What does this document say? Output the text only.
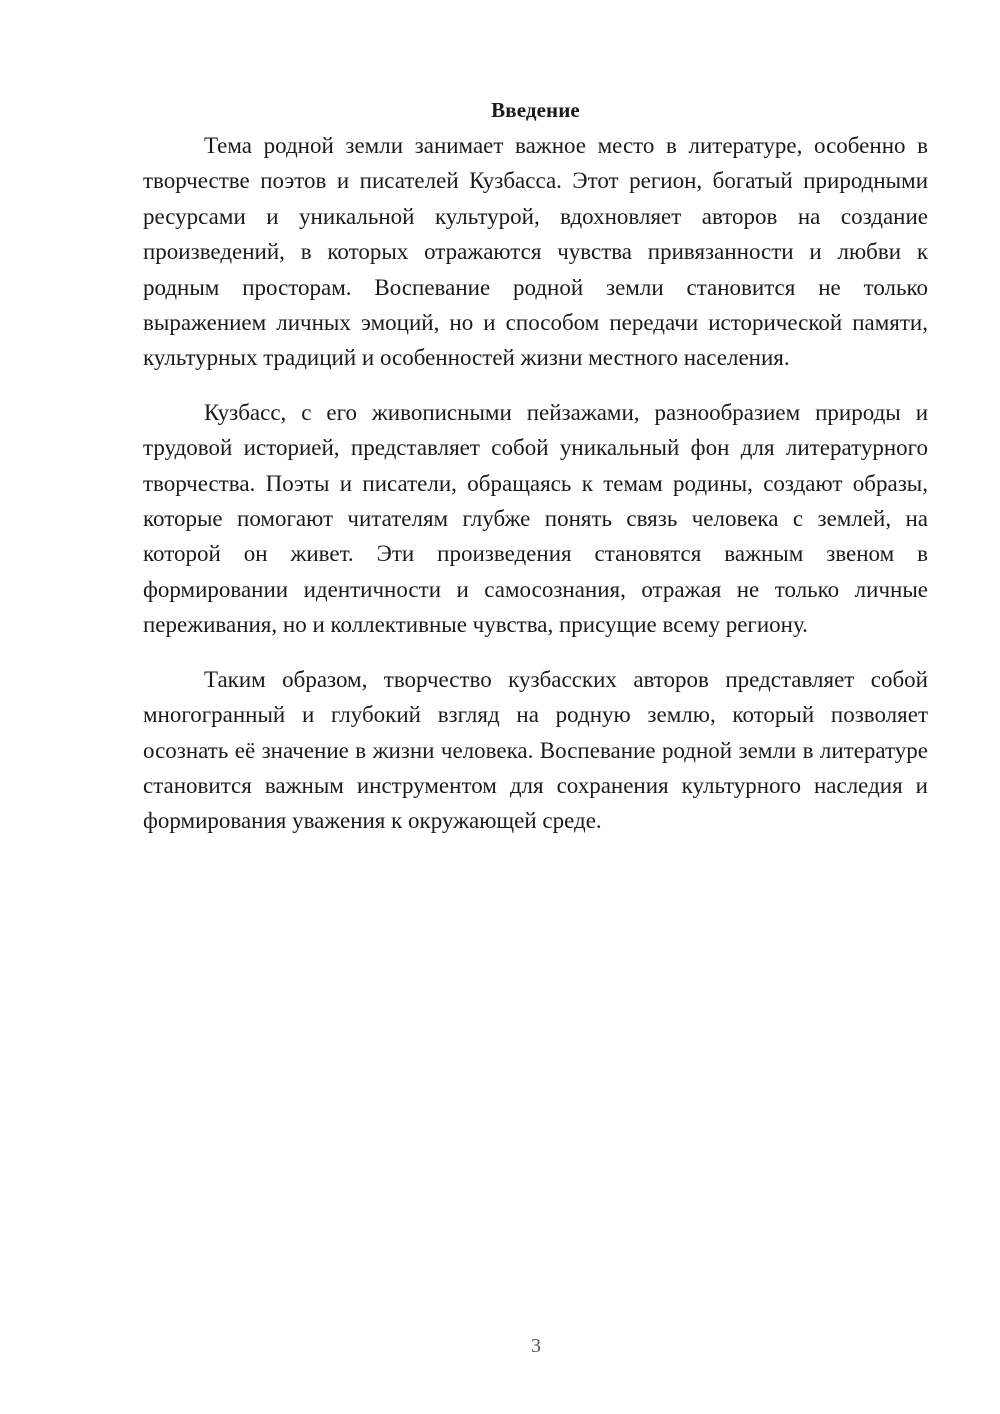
Введение

Тема родной земли занимает важное место в литературе, особенно в творчестве поэтов и писателей Кузбасса. Этот регион, богатый природными ресурсами и уникальной культурой, вдохновляет авторов на создание произведений, в которых отражаются чувства привязанности и любви к родным просторам. Воспевание родной земли становится не только выражением личных эмоций, но и способом передачи исторической памяти, культурных традиций и особенностей жизни местного населения.

Кузбасс, с его живописными пейзажами, разнообразием природы и трудовой историей, представляет собой уникальный фон для литературного творчества. Поэты и писатели, обращаясь к темам родины, создают образы, которые помогают читателям глубже понять связь человека с землей, на которой он живет. Эти произведения становятся важным звеном в формировании идентичности и самосознания, отражая не только личные переживания, но и коллективные чувства, присущие всему региону.

Таким образом, творчество кузбасских авторов представляет собой многогранный и глубокий взгляд на родную землю, который позволяет осознать её значение в жизни человека. Воспевание родной земли в литературе становится важным инструментом для сохранения культурного наследия и формирования уважения к окружающей среде.

3
